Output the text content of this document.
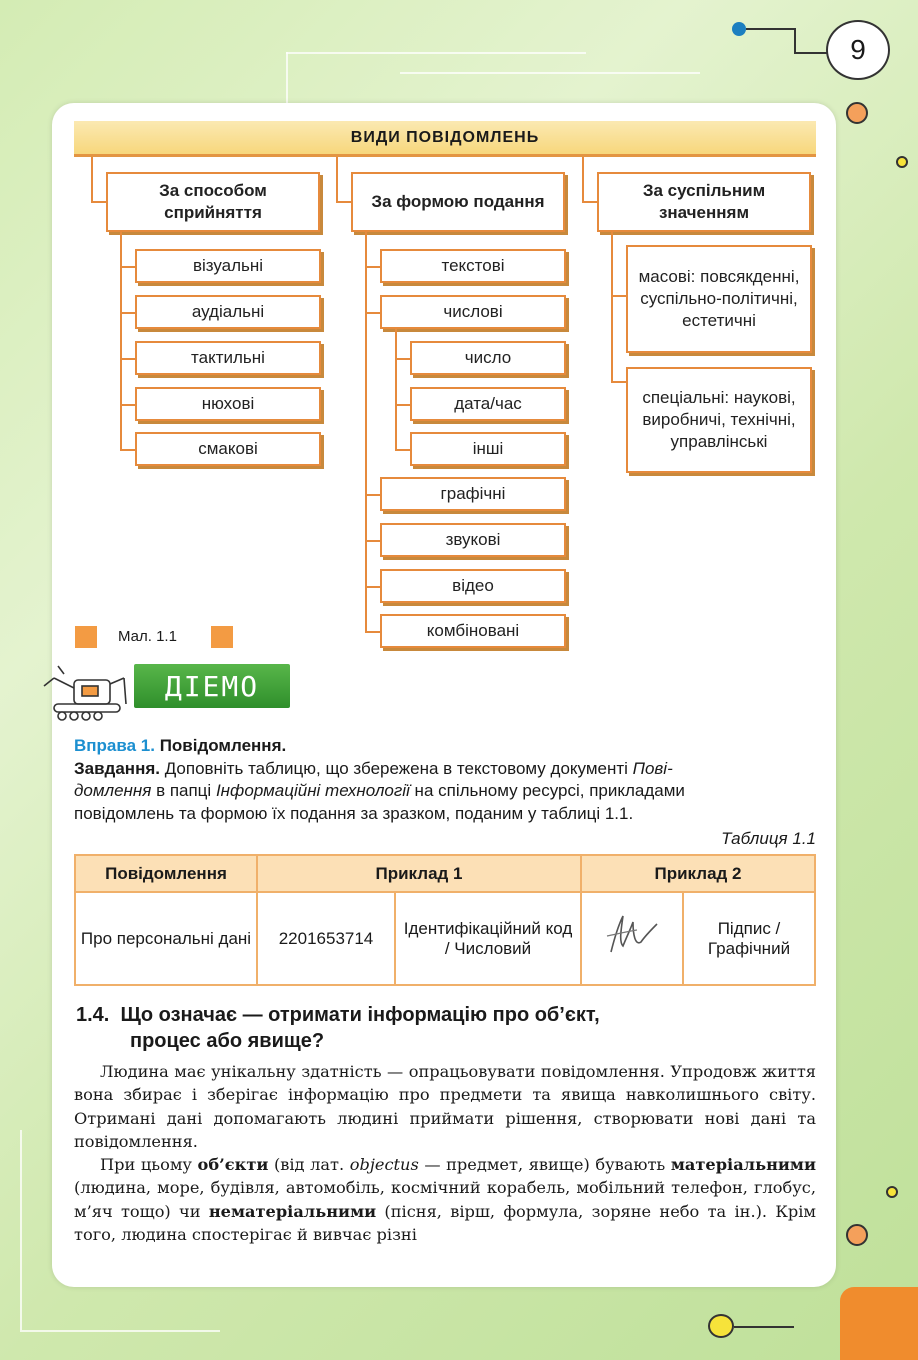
9
ВИДИ ПОВІДОМЛЕНЬ
За способом сприйняття
За формою подання
За суспільним значенням
візуальні
аудіальні
тактильні
нюхові
смакові
текстові
числові
число
дата/час
інші
графічні
звукові
відео
комбіновані
масові: повсякденні, суспільно-політичні, естетичні
спеціальні: наукові, виробничі, технічні, управлінські
Мал. 1.1
ДІЕМО
Вправа 1. Повідомлення.
Завдання. Доповніть таблицю, що збережена в текстовому документі Пові-
домлення в папці Інформаційні технології на спільному ресурсі, прикладами
повідомлень та формою їх подання за зразком, поданим у таблиці 1.1.
Таблиця 1.1
Повідомлення	Приклад 1		Приклад 2	
Про персональні дані	2201653714	Ідентифікаційний код / Числовий		Підпис / Графічний
1.4. Що означає — отримати інформацію про об’єкт,
процес або явище?

Людина має унікальну здатність — опрацьовувати повідомлення. Упродовж життя вона збирає і зберігає інформацію про предмети та явища навколишнього світу. Отримані дані допомагають людині приймати рішення, створювати нові дані та повідомлення.

При цьому об’єкти (від лат. objectus — предмет, явище) бувають матеріальними (людина, море, будівля, автомобіль, космічний корабель, мобільний телефон, глобус, м’яч тощо) чи нематеріальними (пісня, вірш, формула, зоряне небо та ін.). Крім того, людина спостерігає й вивчає різні
